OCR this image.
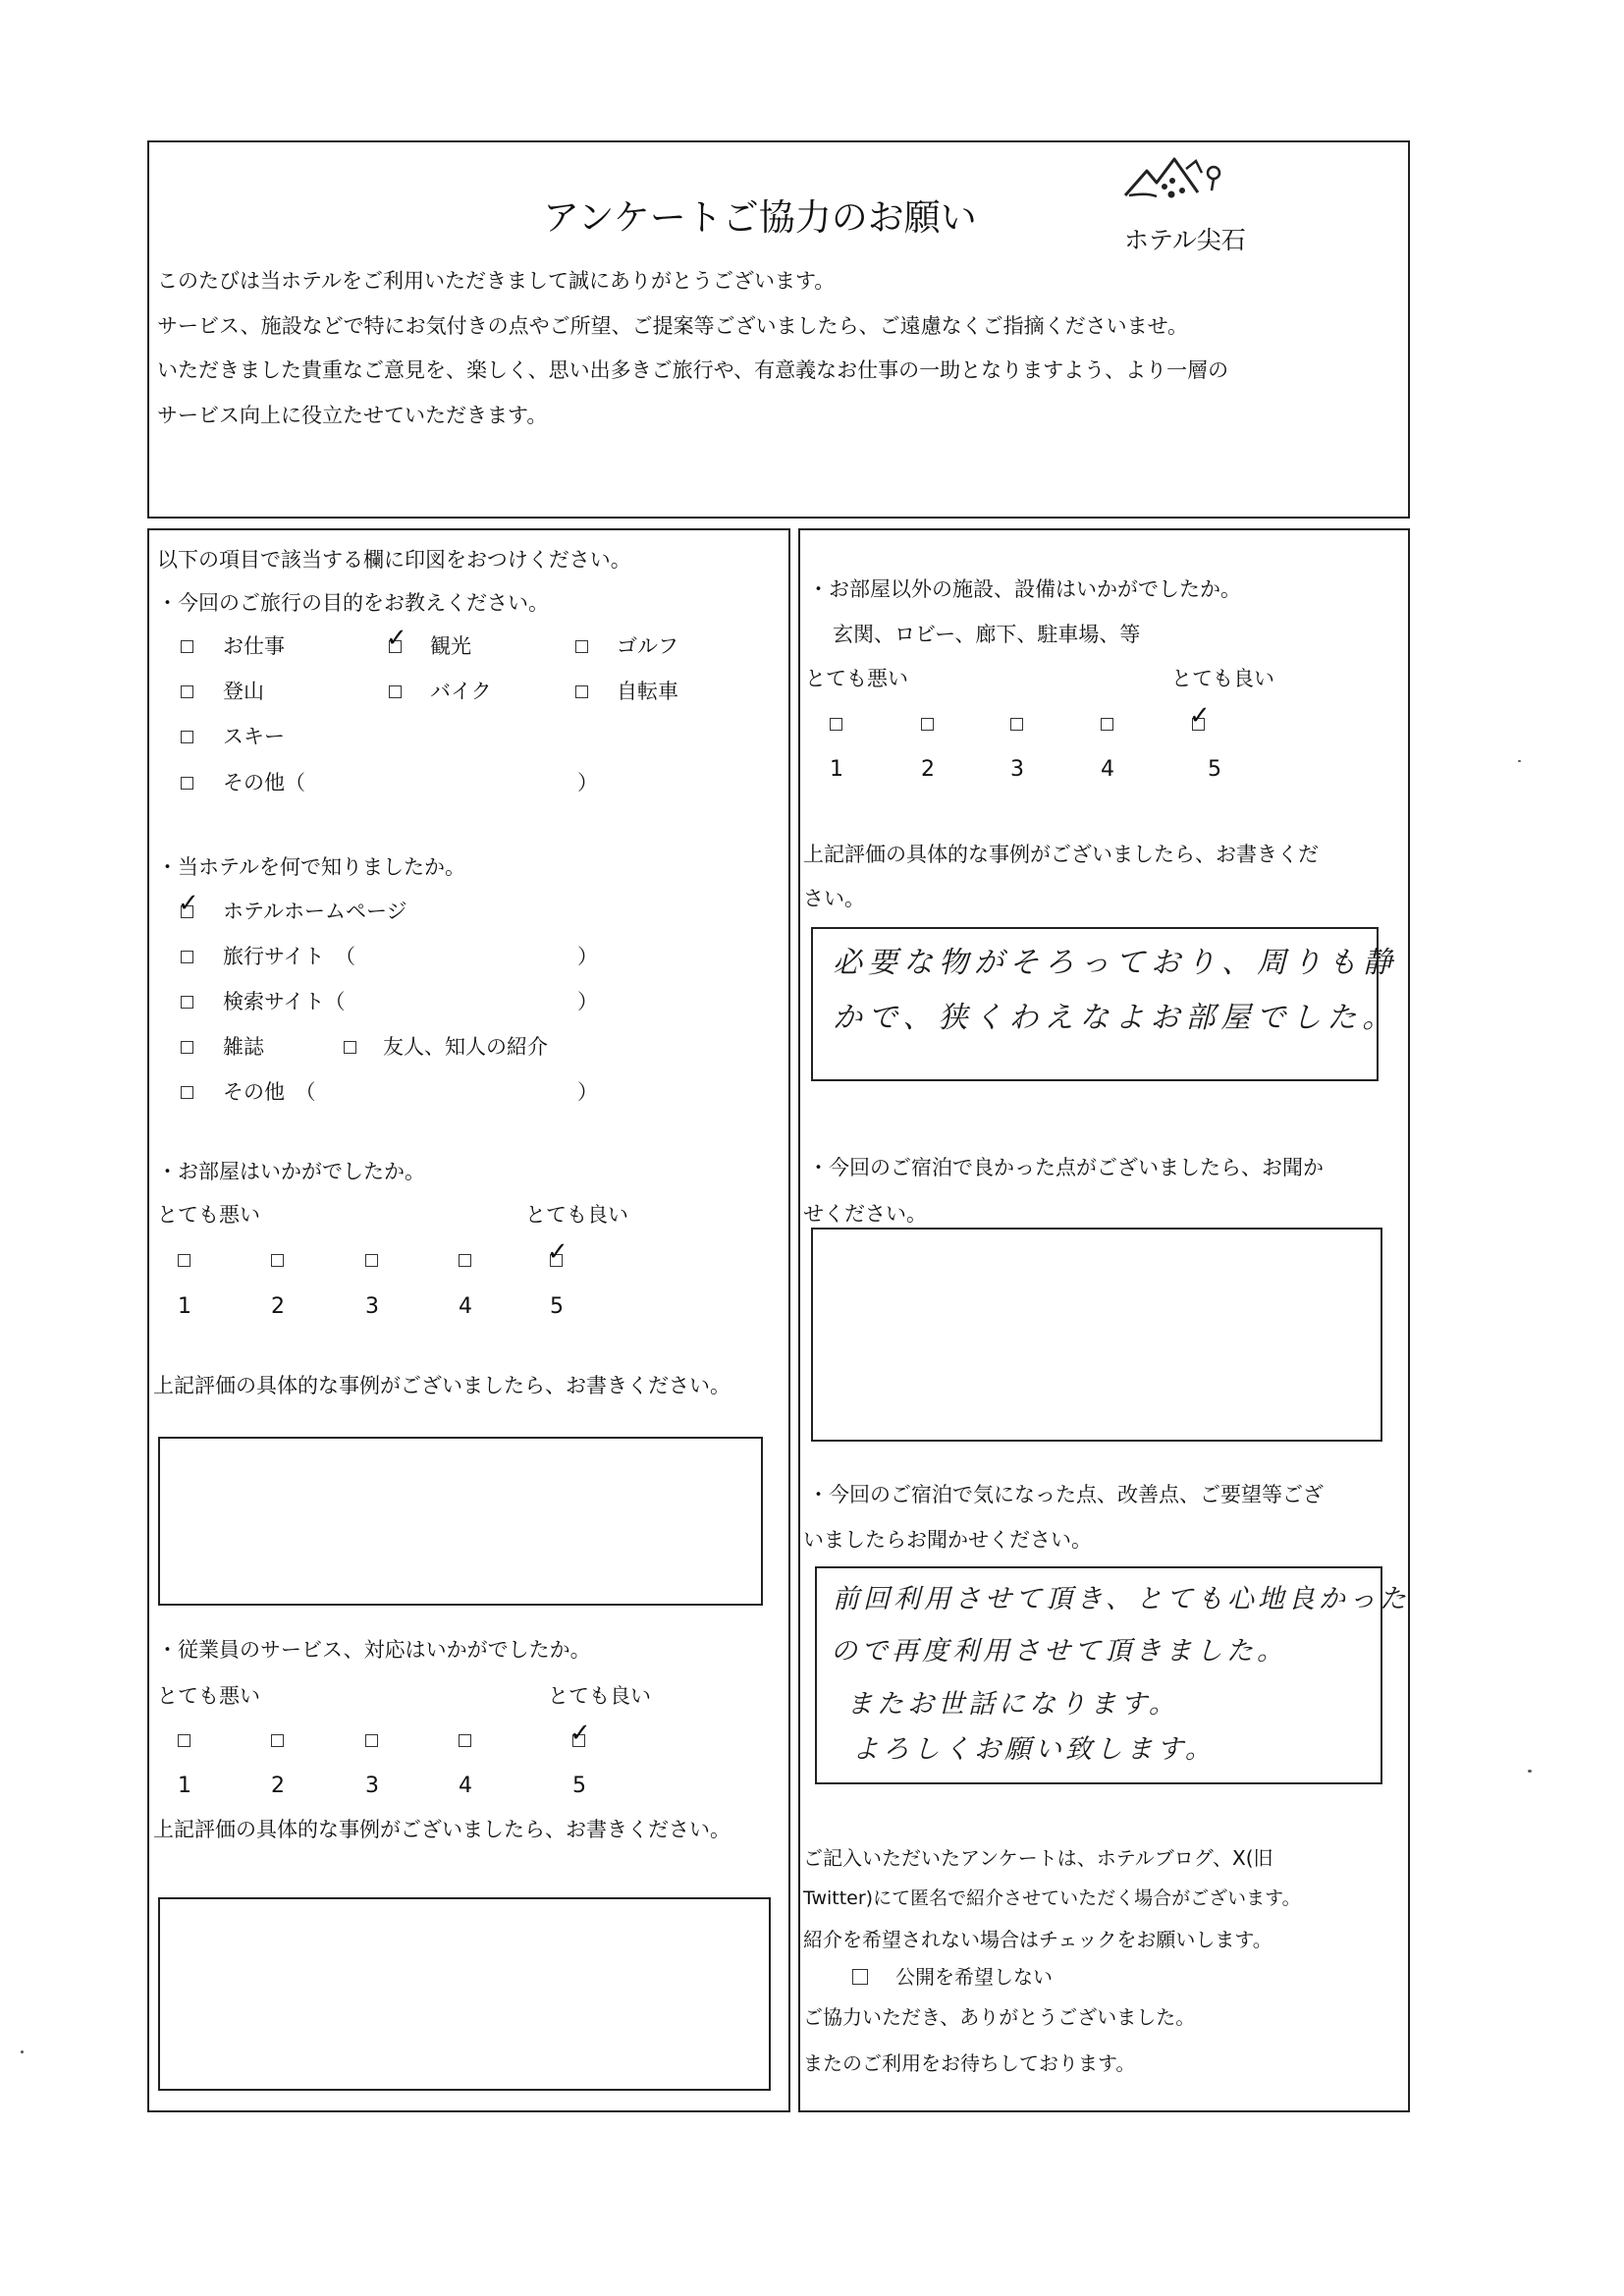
アンケートご協力のお願い
ホテル尖石
このたびは当ホテルをご利用いただきまして誠にありがとうございます。
サービス、施設などで特にお気付きの点やご所望、ご提案等ございましたら、ご遠慮なくご指摘くださいませ。
いただきました貴重なご意見を、楽しく、思い出多きご旅行や、有意義なお仕事の一助となりますよう、より一層の
サービス向上に役立たせていただきます。
以下の項目で該当する欄に印図をおつけください。
・今回のご旅行の目的をお教えください。
お仕事	✓ 観光	ゴルフ
登山	バイク	自転車
スキー
その他（	）
・当ホテルを何で知りましたか。
✓ ホテルホームページ
旅行サイト　（	）
検索サイト（	）
雑誌	友人、知人の紹介
その他　（	）
・お部屋はいかがでしたか。
とても悪い	とても良い
✓
1	2	3	4	5
上記評価の具体的な事例がございましたら、お書きください。
・従業員のサービス、対応はいかがでしたか。
とても悪い	とても良い
✓
1	2	3	4	5
上記評価の具体的な事例がございましたら、お書きください。
・お部屋以外の施設、設備はいかがでしたか。
玄関、ロビー、廊下、駐車場、等
とても悪い	とても良い
✓
1	2	3	4	5
上記評価の具体的な事例がございましたら、お書きくだ
さい。
必要な物がそろっており、周りも静
かで、狭くわえなよお部屋でした。
・今回のご宿泊で良かった点がございましたら、お聞か
せください。
・今回のご宿泊で気になった点、改善点、ご要望等ござ
いましたらお聞かせください。
前回利用させて頂き、とても心地良かった
ので再度利用させて頂きました。
またお世話になります。
よろしくお願い致します。
ご記入いただいたアンケートは、ホテルブログ、X(旧
Twitter)にて匿名で紹介させていただく場合がございます。
紹介を希望されない場合はチェックをお願いします。
公開を希望しない
ご協力いただき、ありがとうございました。
またのご利用をお待ちしております。
